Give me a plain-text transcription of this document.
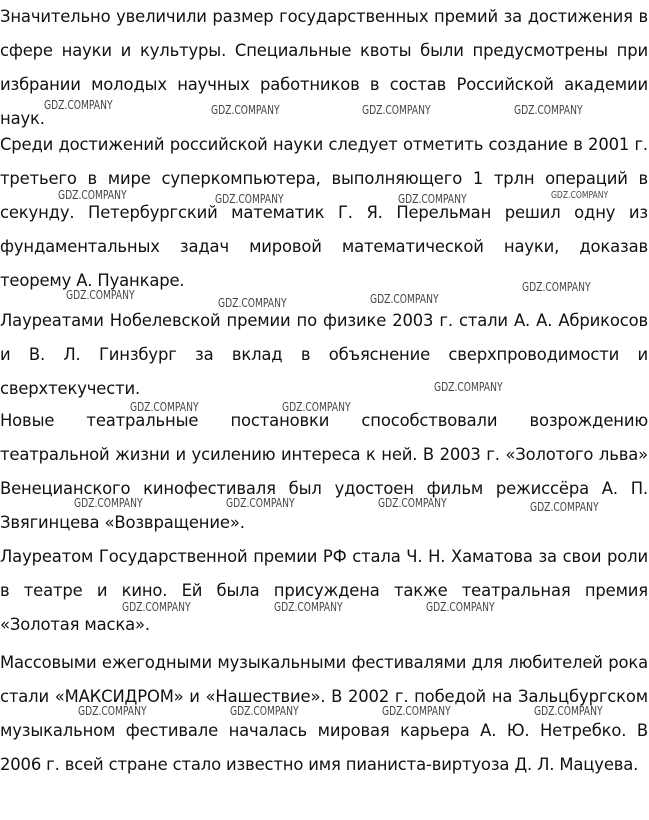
Значительно увеличили размер государственных премий за достижения в сфере науки и культуры. Специальные квоты были предусмотрены при избрании молодых научных работников в состав Российской академии наук.

Среди достижений российской науки следует отметить создание в 2001 г. третьего в мире суперкомпьютера, выполняющего 1 трлн операций в секунду. Петербургский математик Г. Я. Перельман решил одну из фундаментальных задач мировой математической науки, доказав теорему А. Пуанкаре.

Лауреатами Нобелевской премии по физике 2003 г. стали А. А. Абрикосов и В. Л. Гинзбург за вклад в объяснение сверхпроводимости и сверхтекучести.

Новые театральные постановки способствовали возрождению театральной жизни и усилению интереса к ней. В 2003 г. «Золотого льва» Венецианского кинофестиваля был удостоен фильм режиссёра А. П. Звягинцева «Возвращение».

Лауреатом Государственной премии РФ стала Ч. Н. Хаматова за свои роли в театре и кино. Ей была присуждена также театральная премия «Золотая маска».

Массовыми ежегодными музыкальными фестивалями для любителей рока стали «МАКСИДРОМ» и «Нашествие». В 2002 г. победой на Зальцбургском музыкальном фестивале началась мировая карьера А. Ю. Нетребко. В 2006 г. всей стране стало известно имя пианиста-виртуоза Д. Л. Мацуева.

GDZ.COMPANY	GDZ.COMPANY	GDZ.COMPANY	GDZ.COMPANY
GDZ.COMPANY	GDZ.COMPANY	GDZ.COMPANY	GDZ.COMPANY
GDZ.COMPANY
GDZ.COMPANY	GDZ.COMPANY
GDZ.COMPANY
GDZ.COMPANY
GDZ.COMPANY	GDZ.COMPANY
GDZ.COMPANY	GDZ.COMPANY	GDZ.COMPANY	GDZ.COMPANY
GDZ.COMPANY	GDZ.COMPANY	GDZ.COMPANY
GDZ.COMPANY	GDZ.COMPANY	GDZ.COMPANY	GDZ.COMPANY
